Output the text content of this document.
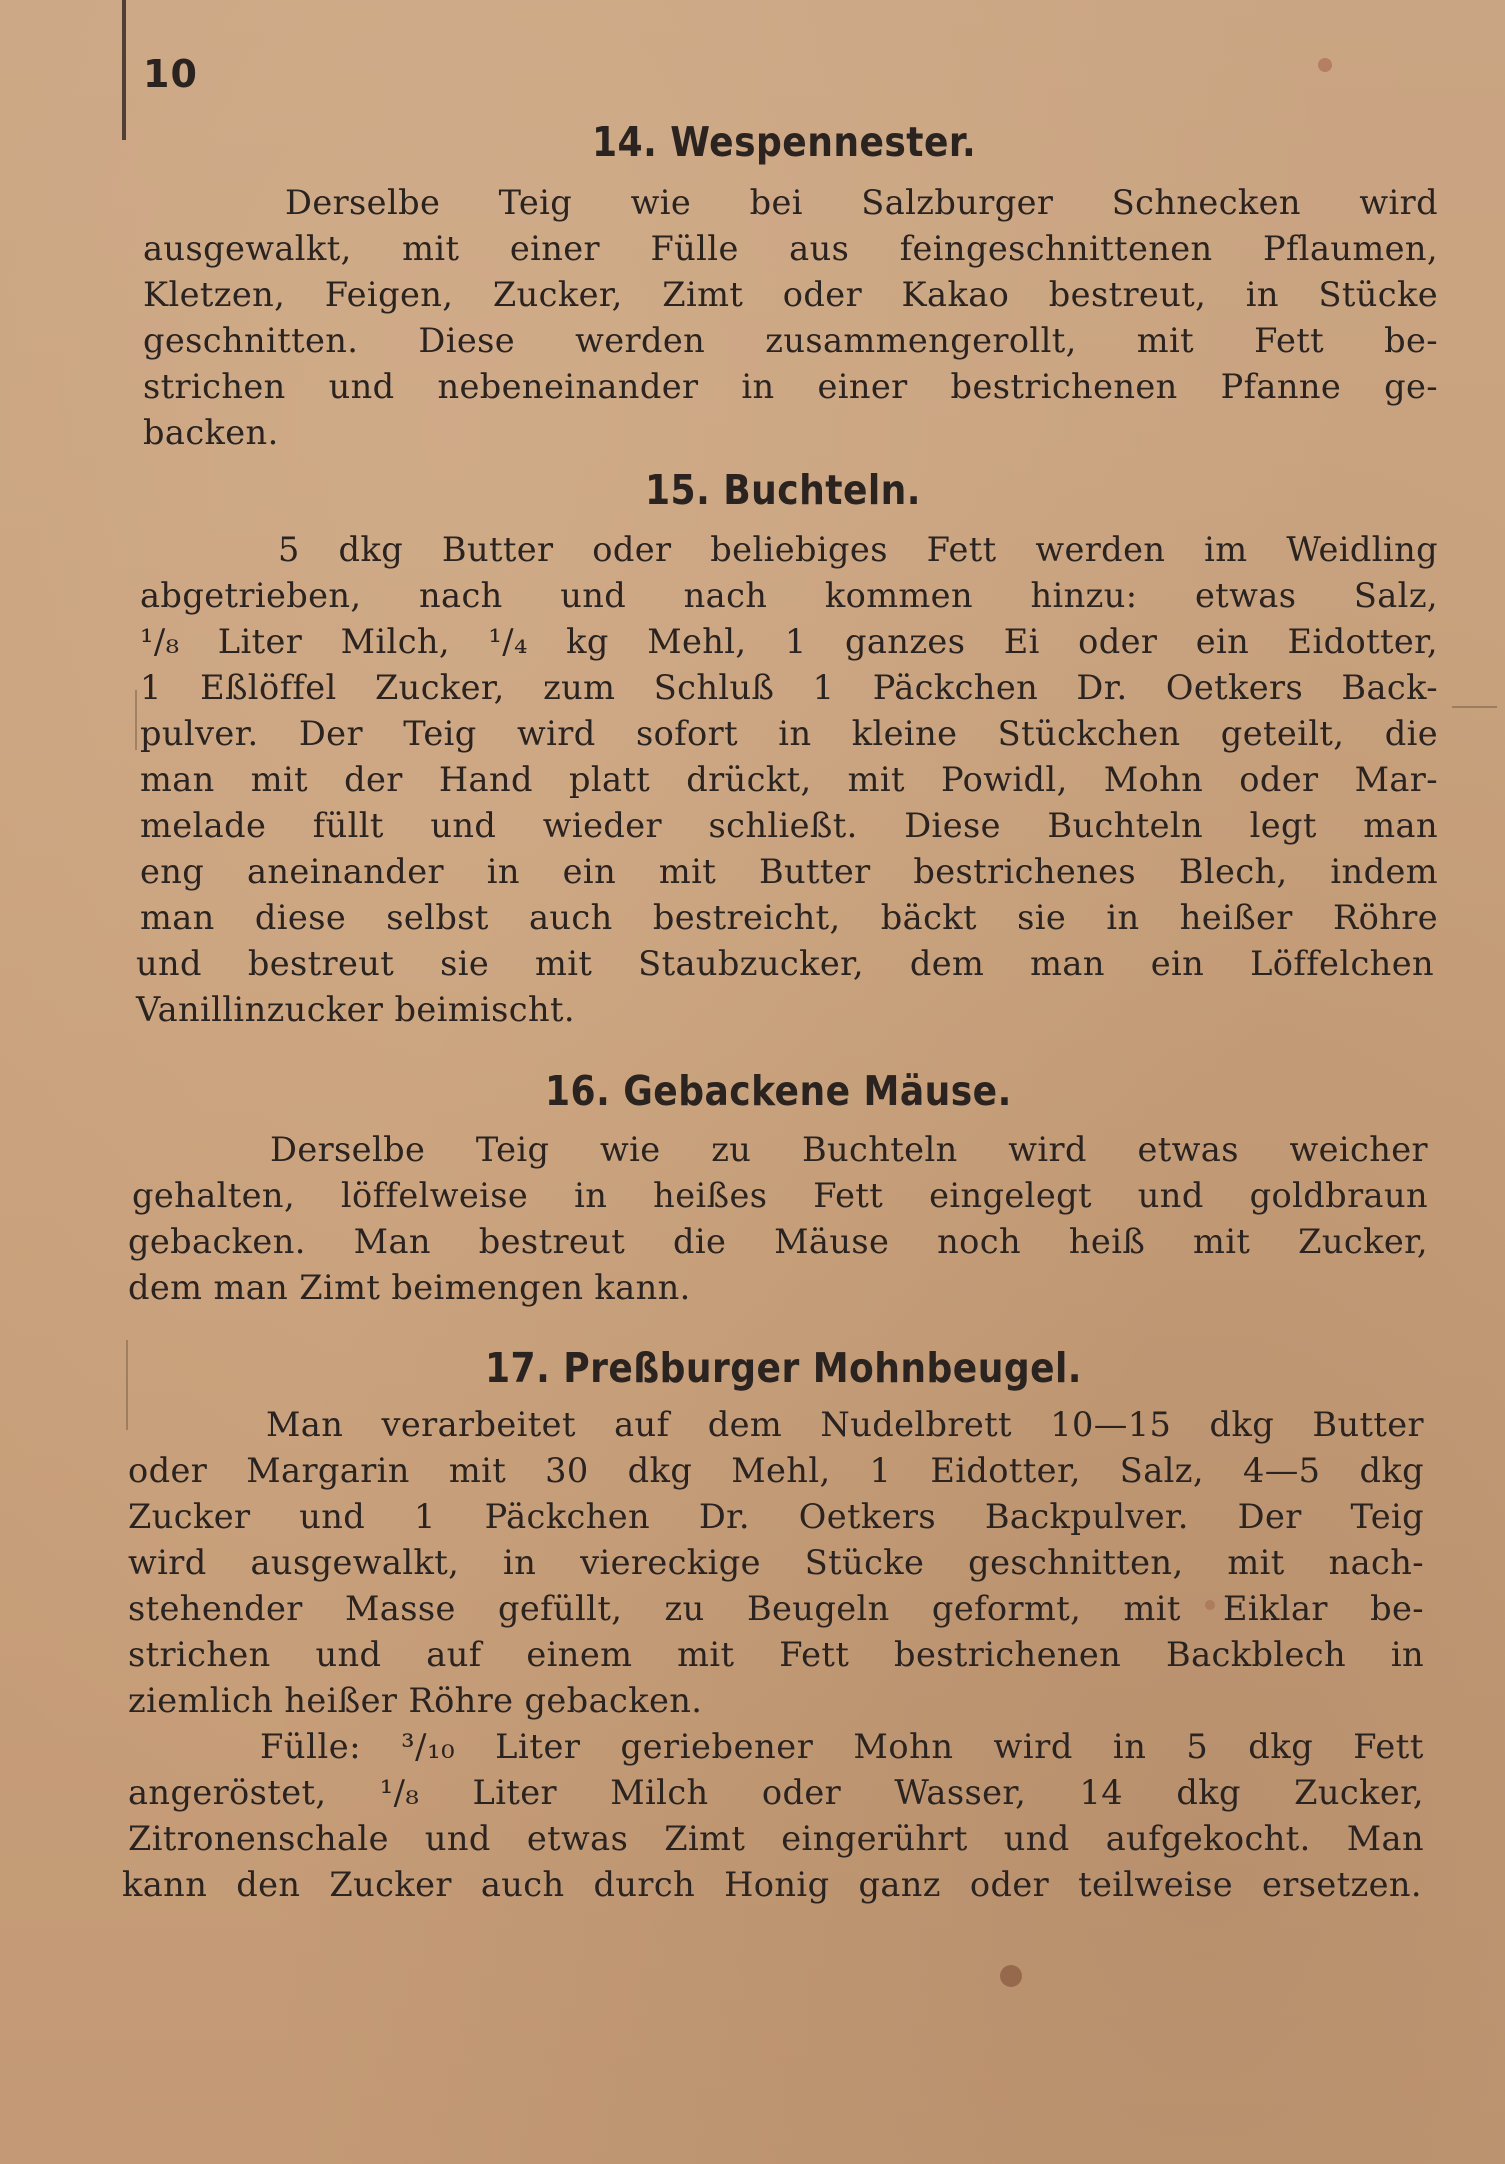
10
14. Wespennester.
Derselbe Teig wie bei Salzburger Schnecken wird
ausgewalkt, mit einer Fülle aus feingeschnittenen Pflaumen,
Kletzen, Feigen, Zucker, Zimt oder Kakao bestreut, in Stücke
geschnitten. Diese werden zusammengerollt, mit Fett be-
strichen und nebeneinander in einer bestrichenen Pfanne ge-
backen.
15. Buchteln.
5 dkg Butter oder beliebiges Fett werden im Weidling
abgetrieben, nach und nach kommen hinzu: etwas Salz,
¹/₈ Liter Milch, ¹/₄ kg Mehl, 1 ganzes Ei oder ein Eidotter,
1 Eßlöffel Zucker, zum Schluß 1 Päckchen Dr. Oetkers Back-
pulver. Der Teig wird sofort in kleine Stückchen geteilt, die
man mit der Hand platt drückt, mit Powidl, Mohn oder Mar-
melade füllt und wieder schließt. Diese Buchteln legt man
eng aneinander in ein mit Butter bestrichenes Blech, indem
man diese selbst auch bestreicht, bäckt sie in heißer Röhre
und bestreut sie mit Staubzucker, dem man ein Löffelchen
Vanillinzucker beimischt.
16. Gebackene Mäuse.
Derselbe Teig wie zu Buchteln wird etwas weicher
gehalten, löffelweise in heißes Fett eingelegt und goldbraun
gebacken. Man bestreut die Mäuse noch heiß mit Zucker,
dem man Zimt beimengen kann.
17. Preßburger Mohnbeugel.
Man verarbeitet auf dem Nudelbrett 10—15 dkg Butter
oder Margarin mit 30 dkg Mehl, 1 Eidotter, Salz, 4—5 dkg
Zucker und 1 Päckchen Dr. Oetkers Backpulver. Der Teig
wird ausgewalkt, in viereckige Stücke geschnitten, mit nach-
stehender Masse gefüllt, zu Beugeln geformt, mit Eiklar be-
strichen und auf einem mit Fett bestrichenen Backblech in
ziemlich heißer Röhre gebacken.
Fülle: ³/₁₀ Liter geriebener Mohn wird in 5 dkg Fett
angeröstet, ¹/₈ Liter Milch oder Wasser, 14 dkg Zucker,
Zitronenschale und etwas Zimt eingerührt und aufgekocht. Man
kann den Zucker auch durch Honig ganz oder teilweise ersetzen.
